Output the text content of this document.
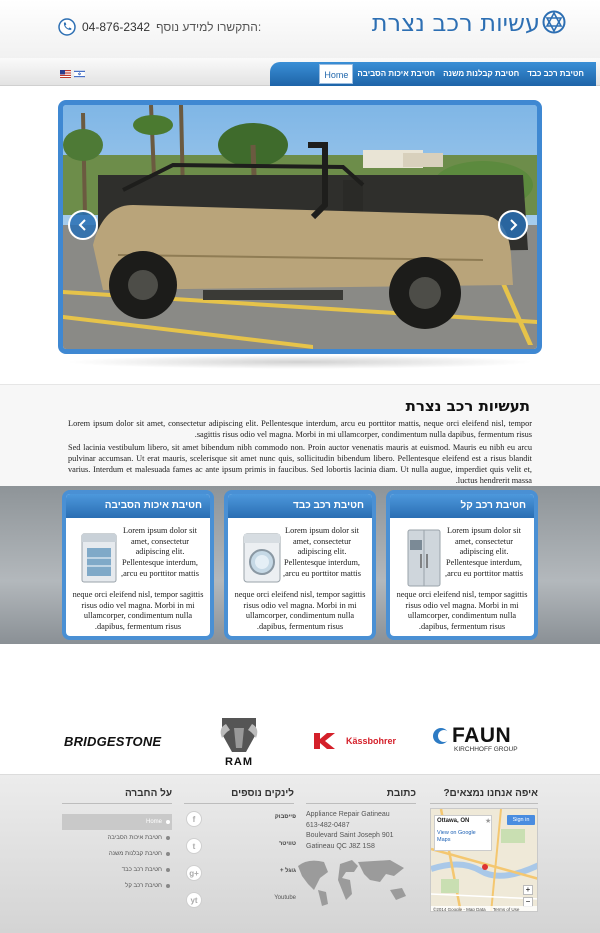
עשיות רכב נצרת
04-876-2342 התקשרו למידע נוסף:
חטיבת רכב כבד
חטיבת קבלנות משנה
חטיבת איכות הסביבה
Home
תעשיות רכב נצרת
Lorem ipsum dolor sit amet, consectetur adipiscing elit. Pellentesque interdum, arcu eu porttitor mattis, neque orci eleifend nisl, tempor sagittis risus odio vel magna. Morbi in mi ullamcorper, condimentum nulla dapibus, fermentum risus.
Sed lacinia vestibulum libero, sit amet bibendum nibh commodo non. Proin auctor venenatis mauris at euismod. Mauris eu nibh eu arcu pulvinar accumsan. Ut erat mauris, scelerisque sit amet nunc quis, sollicitudin bibendum libero. Pellentesque eleifend est a risus blandit varius. Interdum et malesuada fames ac ante ipsum primis in faucibus. Sed lobortis lacinia diam. Ut nulla augue, imperdiet quis velit et, luctus hendrerit massa.
חטיבת רכב קל
Lorem ipsum dolor sit amet, consectetur adipiscing elit. Pellentesque interdum, arcu eu porttitor mattis,
neque orci eleifend nisl, tempor sagittis risus odio vel magna. Morbi in mi ullamcorper, condimentum nulla dapibus, fermentum risus.
חטיבת רכב כבד
Lorem ipsum dolor sit amet, consectetur adipiscing elit. Pellentesque interdum, arcu eu porttitor mattis,
neque orci eleifend nisl, tempor sagittis risus odio vel magna. Morbi in mi ullamcorper, condimentum nulla dapibus, fermentum risus.
חטיבת איכות הסביבה
Lorem ipsum dolor sit amet, consectetur adipiscing elit. Pellentesque interdum, arcu eu porttitor mattis,
neque orci eleifend nisl, tempor sagittis risus odio vel magna. Morbi in mi ullamcorper, condimentum nulla dapibus, fermentum risus.
FAUN
KIRCHHOFF GROUP
Kässbohrer
RAM
BRIDGESTONE
על החברה
Home
חטיבת איכות הסביבה
חטיבת קבלנות משנה
חטיבת רכב כבד
חטיבת רכב קל
לינקים נוספים
f	פייסבוק
t	טוויטר
g+	גוגל +
yt	Youtube
כתובת
Appliance Repair Gatineau
613-482-0487
Boulevard Saint Joseph 901
Gatineau QC J8Z 1S8
איפה אנחנו נמצאים?
Ottawa, ON
View on Google Maps
★	Sign in
+
−
©2014 Google - Map Data Terms of Use
